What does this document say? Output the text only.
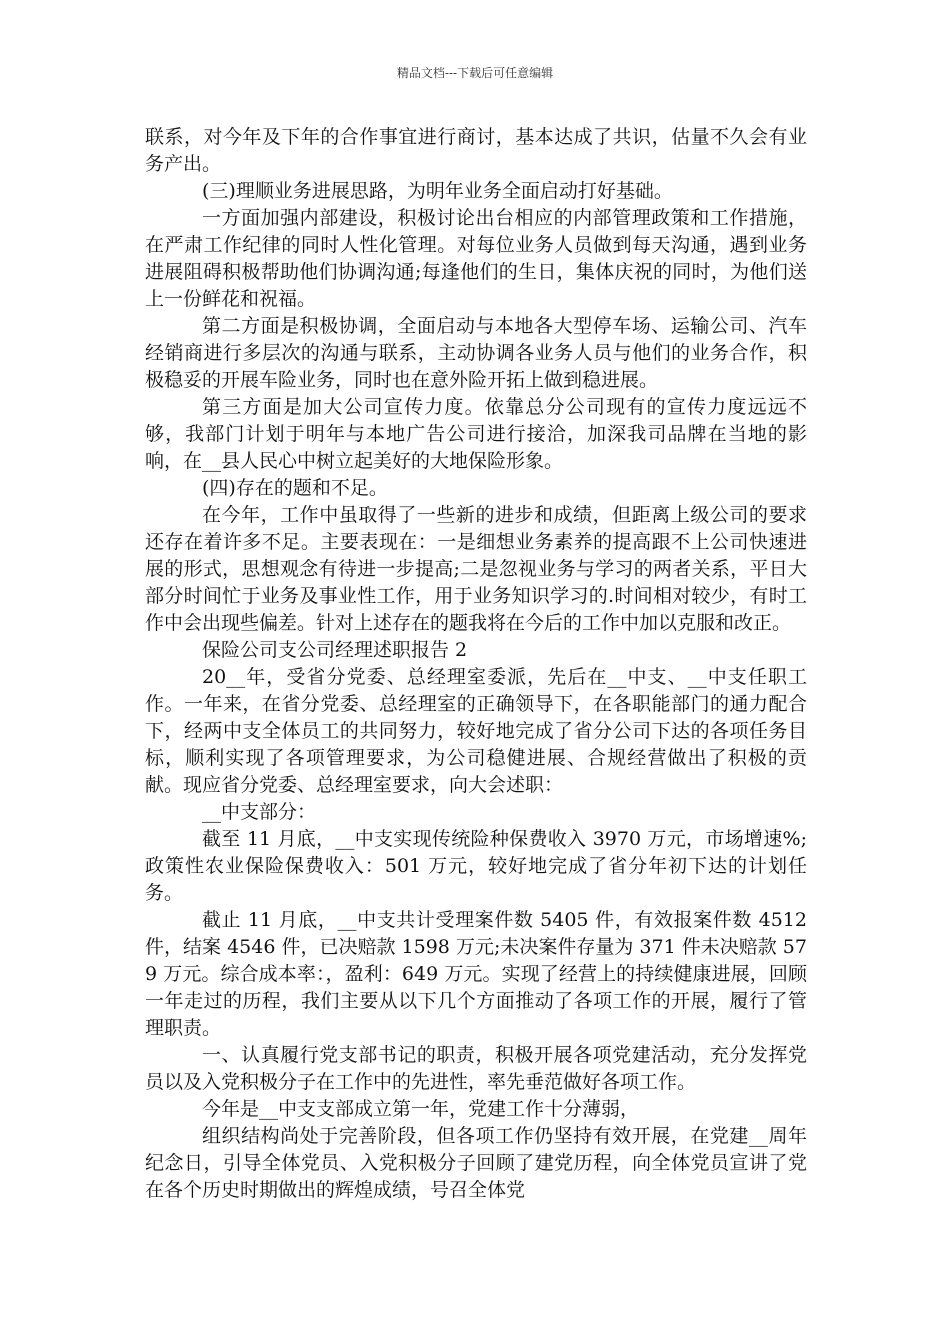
精品文档---下载后可任意编辑

联系，对今年及下年的合作事宜进行商讨，基本达成了共识，估量不久会有业务产出。

(三)理顺业务进展思路，为明年业务全面启动打好基础。

一方面加强内部建设，积极讨论出台相应的内部管理政策和工作措施，在严肃工作纪律的同时人性化管理。对每位业务人员做到每天沟通，遇到业务进展阻碍积极帮助他们协调沟通;每逢他们的生日，集体庆祝的同时，为他们送上一份鲜花和祝福。

第二方面是积极协调，全面启动与本地各大型停车场、运输公司、汽车经销商进行多层次的沟通与联系，主动协调各业务人员与他们的业务合作，积极稳妥的开展车险业务，同时也在意外险开拓上做到稳进展。

第三方面是加大公司宣传力度。依靠总分公司现有的宣传力度远远不够，我部门计划于明年与本地广告公司进行接洽，加深我司品牌在当地的影响，在__县人民心中树立起美好的大地保险形象。

(四)存在的题和不足。

在今年，工作中虽取得了一些新的进步和成绩，但距离上级公司的要求还存在着许多不足。主要表现在：一是细想业务素养的提高跟不上公司快速进展的形式，思想观念有待进一步提高;二是忽视业务与学习的两者关系，平日大部分时间忙于业务及事业性工作，用于业务知识学习的.时间相对较少，有时工作中会出现些偏差。针对上述存在的题我将在今后的工作中加以克服和改正。

保险公司支公司经理述职报告 2

20__年，受省分党委、总经理室委派，先后在__中支、__中支任职工作。一年来，在省分党委、总经理室的正确领导下，在各职能部门的通力配合下，经两中支全体员工的共同努力，较好地完成了省分公司下达的各项任务目标，顺利实现了各项管理要求，为公司稳健进展、合规经营做出了积极的贡献。现应省分党委、总经理室要求，向大会述职：

__中支部分：

截至 11 月底，__中支实现传统险种保费收入 3970 万元，市场增速%;政策性农业保险保费收入：501 万元，较好地完成了省分年初下达的计划任务。

截止 11 月底，__中支共计受理案件数 5405 件，有效报案件数 4512 件，结案 4546 件，已决赔款 1598 万元;未决案件存量为 371 件未决赔款 579 万元。综合成本率：，盈利：649 万元。实现了经营上的持续健康进展，回顾一年走过的历程，我们主要从以下几个方面推动了各项工作的开展，履行了管理职责。

一、认真履行党支部书记的职责，积极开展各项党建活动，充分发挥党员以及入党积极分子在工作中的先进性，率先垂范做好各项工作。

今年是__中支支部成立第一年，党建工作十分薄弱，

组织结构尚处于完善阶段，但各项工作仍坚持有效开展，在党建__周年纪念日，引导全体党员、入党积极分子回顾了建党历程，向全体党员宣讲了党在各个历史时期做出的辉煌成绩，号召全体党
